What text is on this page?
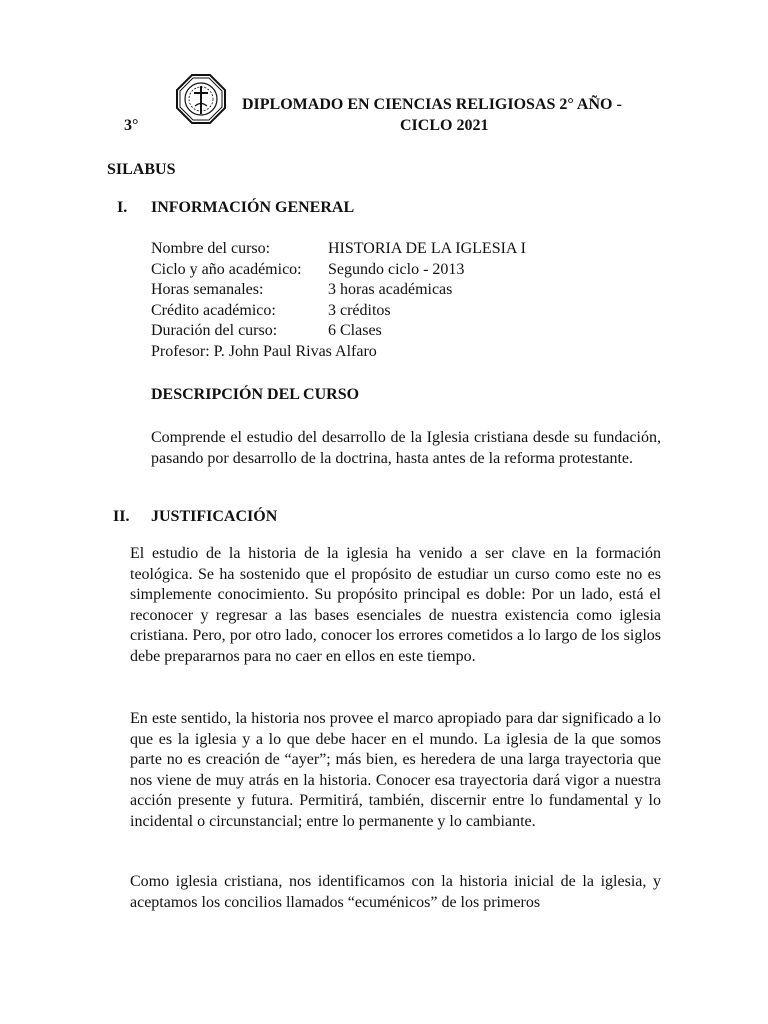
DIPLOMADO EN CIENCIAS RELIGIOSAS 2° AÑO -
3°	CICLO 2021
SILABUS
I. INFORMACIÓN GENERAL
Nombre del curso:	HISTORIA DE LA IGLESIA I
Ciclo y año académico:	Segundo ciclo - 2013
Horas semanales:	3 horas académicas
Crédito académico:	3 créditos
Duración del curso:	6 Clases
Profesor: P. John Paul Rivas Alfaro
DESCRIPCIÓN DEL CURSO
Comprende el estudio del desarrollo de la Iglesia cristiana desde su fundación, pasando por desarrollo de la doctrina, hasta antes de la reforma protestante.
II. JUSTIFICACIÓN
El estudio de la historia de la iglesia ha venido a ser clave en la formación teológica. Se ha sostenido que el propósito de estudiar un curso como este no es simplemente conocimiento. Su propósito principal es doble: Por un lado, está el reconocer y regresar a las bases esenciales de nuestra existencia como iglesia cristiana. Pero, por otro lado, conocer los errores cometidos a lo largo de los siglos debe prepararnos para no caer en ellos en este tiempo.
En este sentido, la historia nos provee el marco apropiado para dar significado a lo que es la iglesia y a lo que debe hacer en el mundo. La iglesia de la que somos parte no es creación de “ayer”; más bien, es heredera de una larga trayectoria que nos viene de muy atrás en la historia. Conocer esa trayectoria dará vigor a nuestra acción presente y futura. Permitirá, también, discernir entre lo fundamental y lo incidental o circunstancial; entre lo permanente y lo cambiante.
Como iglesia cristiana, nos identificamos con la historia inicial de la iglesia, y aceptamos los concilios llamados “ecuménicos” de los primeros
